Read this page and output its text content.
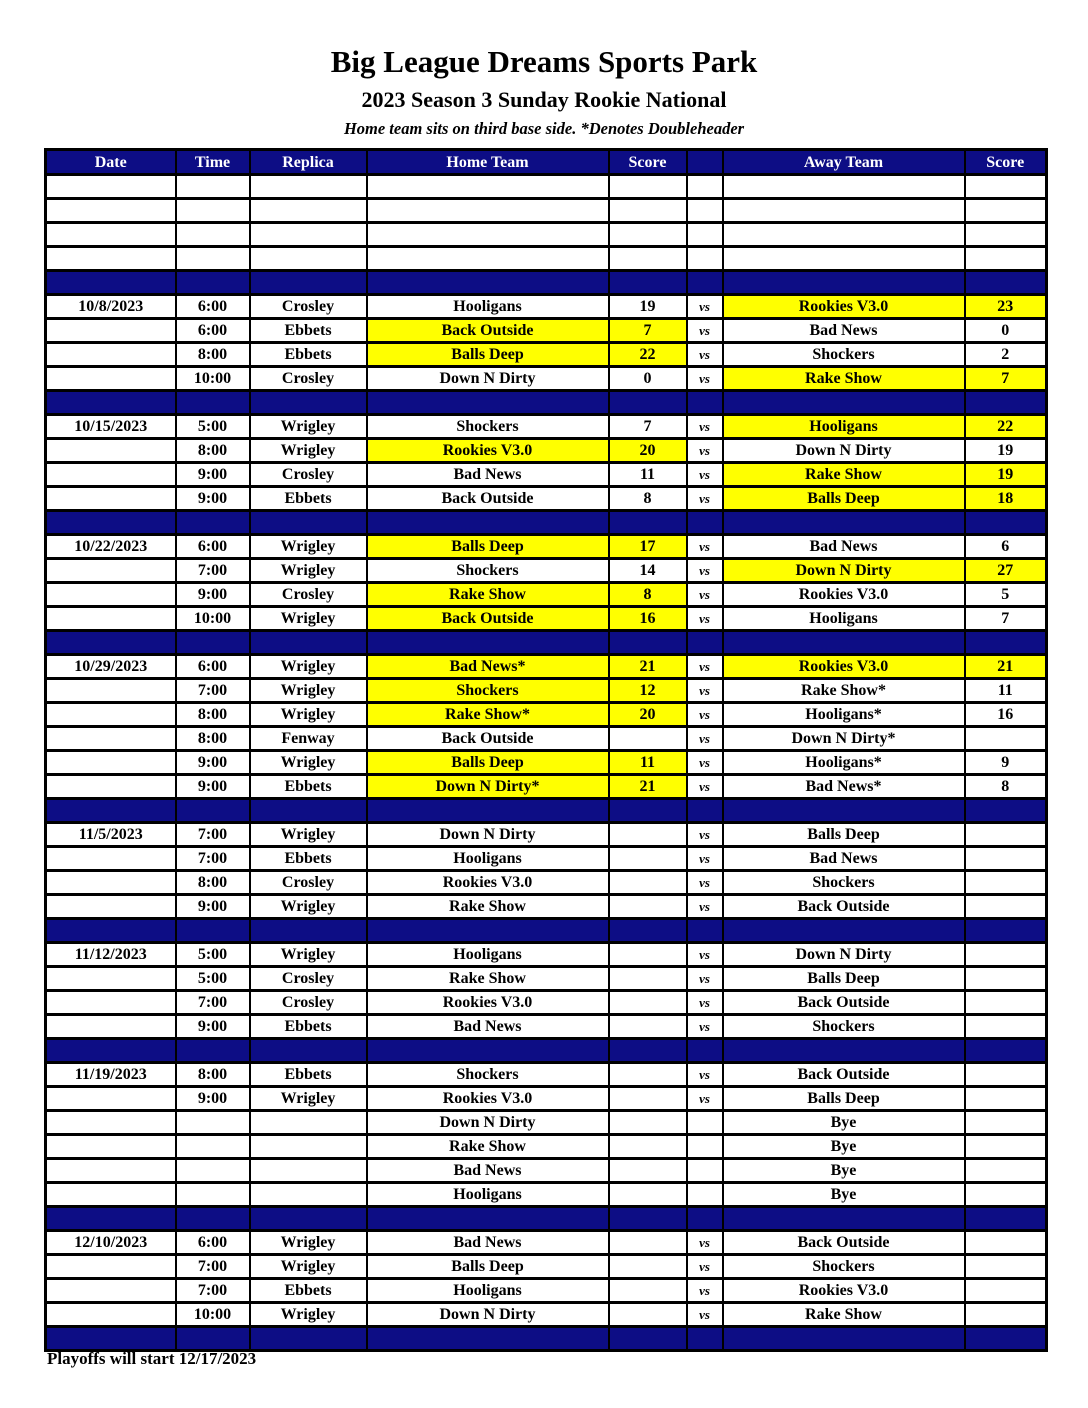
Big League Dreams Sports Park
2023 Season 3 Sunday Rookie National
Home team sits on third base side. *Denotes Doubleheader
Date	Time	Replica	Home Team	Score		Away Team	Score

10/8/2023	6:00	Crosley	Hooligans	19	vs	Rookies V3.0	23
	6:00	Ebbets	Back Outside	7	vs	Bad News	0
	8:00	Ebbets	Balls Deep	22	vs	Shockers	2
	10:00	Crosley	Down N Dirty	0	vs	Rake Show	7

10/15/2023	5:00	Wrigley	Shockers	7	vs	Hooligans	22
	8:00	Wrigley	Rookies V3.0	20	vs	Down N Dirty	19
	9:00	Crosley	Bad News	11	vs	Rake Show	19
	9:00	Ebbets	Back Outside	8	vs	Balls Deep	18

10/22/2023	6:00	Wrigley	Balls Deep	17	vs	Bad News	6
	7:00	Wrigley	Shockers	14	vs	Down N Dirty	27
	9:00	Crosley	Rake Show	8	vs	Rookies V3.0	5
	10:00	Wrigley	Back Outside	16	vs	Hooligans	7

10/29/2023	6:00	Wrigley	Bad News*	21	vs	Rookies V3.0	21
	7:00	Wrigley	Shockers	12	vs	Rake Show*	11
	8:00	Wrigley	Rake Show*	20	vs	Hooligans*	16
	8:00	Fenway	Back Outside		vs	Down N Dirty*	
	9:00	Wrigley	Balls Deep	11	vs	Hooligans*	9
	9:00	Ebbets	Down N Dirty*	21	vs	Bad News*	8

11/5/2023	7:00	Wrigley	Down N Dirty		vs	Balls Deep	
	7:00	Ebbets	Hooligans		vs	Bad News	
	8:00	Crosley	Rookies V3.0		vs	Shockers	
	9:00	Wrigley	Rake Show		vs	Back Outside	

11/12/2023	5:00	Wrigley	Hooligans		vs	Down N Dirty	
	5:00	Crosley	Rake Show		vs	Balls Deep	
	7:00	Crosley	Rookies V3.0		vs	Back Outside	
	9:00	Ebbets	Bad News		vs	Shockers	

11/19/2023	8:00	Ebbets	Shockers		vs	Back Outside	
	9:00	Wrigley	Rookies V3.0		vs	Balls Deep	
			Down N Dirty			Bye	
			Rake Show			Bye	
			Bad News			Bye	
			Hooligans			Bye	

12/10/2023	6:00	Wrigley	Bad News		vs	Back Outside	
	7:00	Wrigley	Balls Deep		vs	Shockers	
	7:00	Ebbets	Hooligans		vs	Rookies V3.0	
	10:00	Wrigley	Down N Dirty		vs	Rake Show	

Playoffs will start 12/17/2023
